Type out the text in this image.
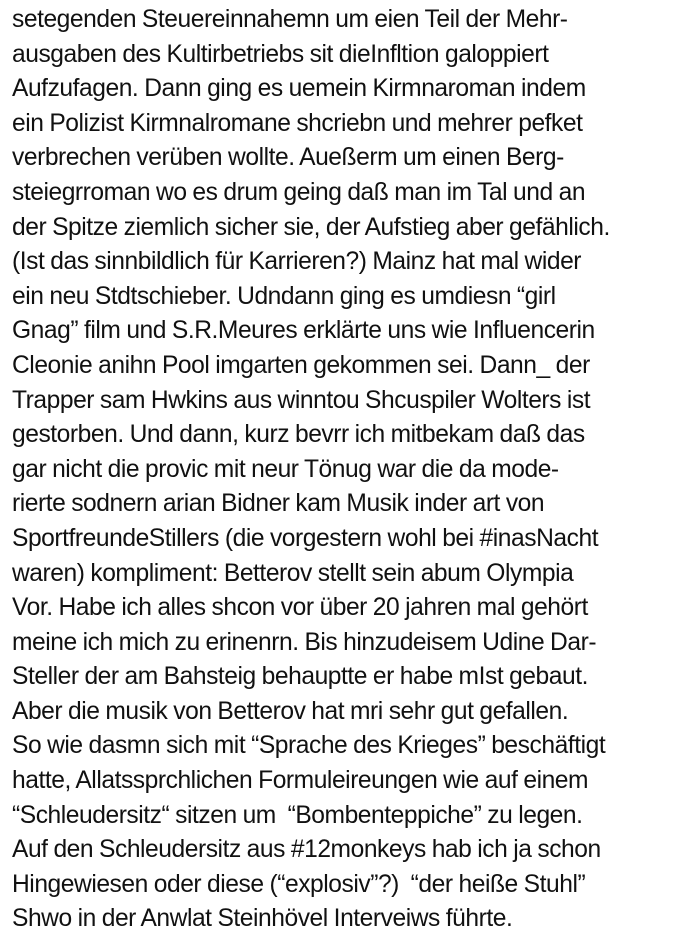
setegenden Steuereinnahemn um eien Teil der Mehr-
ausgaben des Kultirbetriebs sit dieInfltion galoppiert
Aufzufagen. Dann ging es uemein Kirmnaroman indem
ein Polizist Kirmnalromane shcriebn und mehrer pefket
verbrechen verüben wollte. Aueßerm um einen Berg-
steiegrroman wo es drum geing daß man im Tal und an
der Spitze ziemlich sicher sie, der Aufstieg aber gefählich.
(Ist das sinnbildlich für Karrieren?) Mainz hat mal wider
ein neu Stdtschieber. Udndann ging es umdiesn “girl
Gnag” film und S.R.Meures erklärte uns wie Influencerin
Cleonie anihn Pool imgarten gekommen sei. Dann_ der
Trapper sam Hwkins aus winntou Shcuspiler Wolters ist
gestorben. Und dann, kurz bevrr ich mitbekam daß das
gar nicht die provic mit neur Tönug war die da mode-
rierte sodnern arian Bidner kam Musik inder art von
SportfreundeStillers (die vorgestern wohl bei #inasNacht
waren) kompliment: Betterov stellt sein abum Olympia
Vor. Habe ich alles shcon vor über 20 jahren mal gehört
meine ich mich zu erinenrn. Bis hinzudeisem Udine Dar-
Steller der am Bahsteig behauptte er habe mIst gebaut.
Aber die musik von Betterov hat mri sehr gut gefallen.
So wie dasmn sich mit “Sprache des Krieges” beschäftigt
hatte, Allatssprchlichen Formuleireungen wie auf einem
“Schleudersitz“ sitzen um  “Bombenteppiche” zu legen.
Auf den Schleudersitz aus #12monkeys hab ich ja schon
Hingewiesen oder diese (“explosiv”?)  “der heiße Stuhl”
Shwo in der Anwlat Steinhövel Interveiws führte.
